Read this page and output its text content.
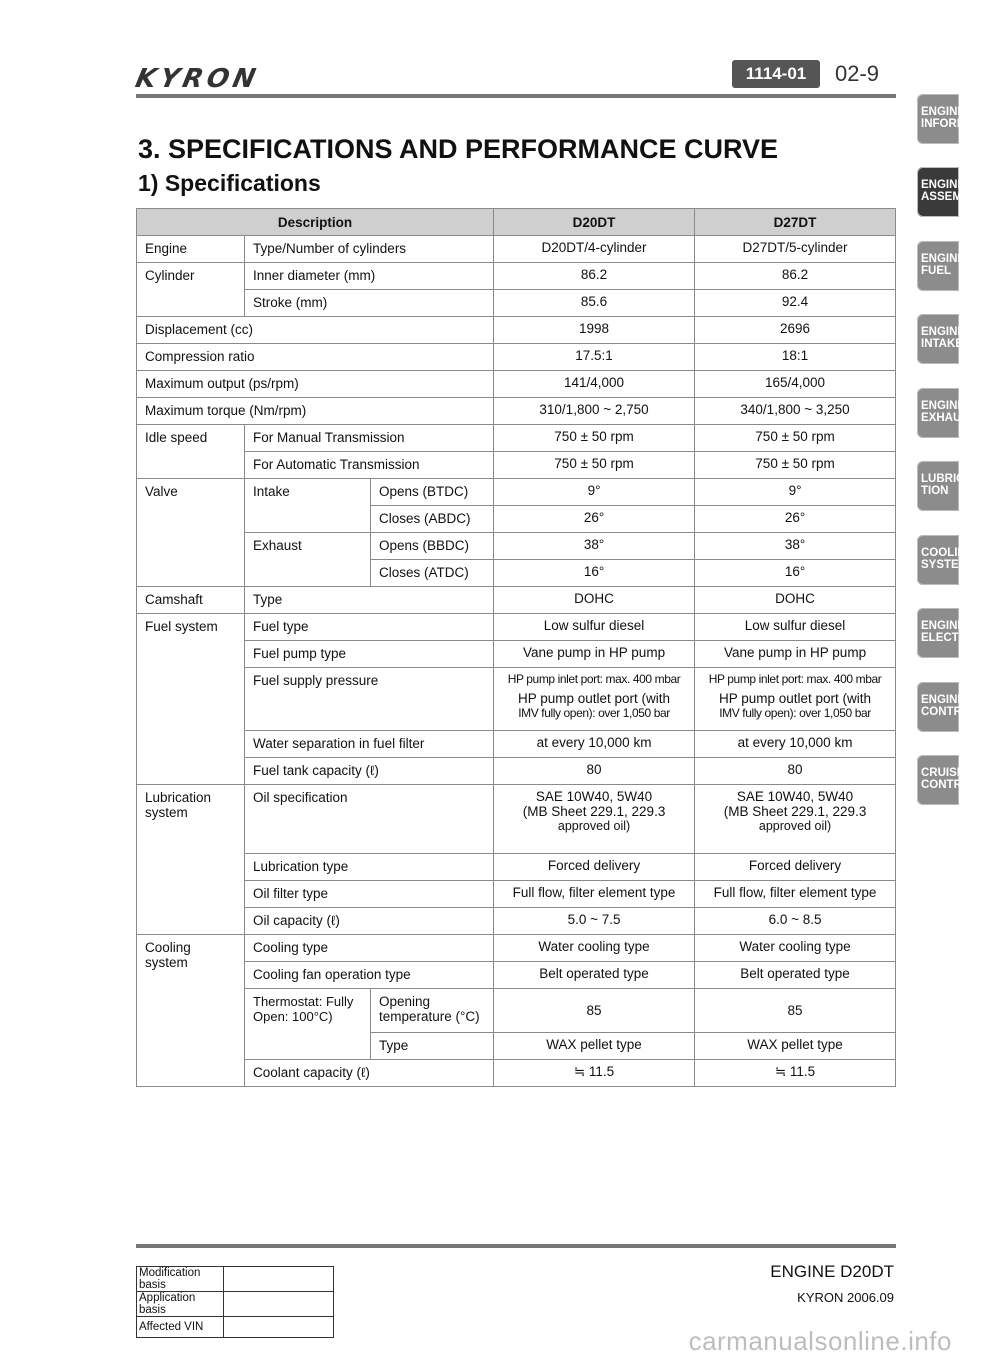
KYRON	1114-01	02-9
3. SPECIFICATIONS AND PERFORMANCE CURVE
1) Specifications
Description			D20DT	D27DT
Engine	Type/Number of cylinders		D20DT/4-cylinder	D27DT/5-cylinder
Cylinder	Inner diameter (mm)		86.2	86.2
	Stroke (mm)		85.6	92.4
Displacement (cc)			1998	2696
Compression ratio			17.5:1	18:1
Maximum output (ps/rpm)			141/4,000	165/4,000
Maximum torque (Nm/rpm)			310/1,800 ~ 2,750	340/1,800 ~ 3,250
Idle speed	For Manual Transmission		750 ± 50 rpm	750 ± 50 rpm
	For Automatic Transmission		750 ± 50 rpm	750 ± 50 rpm
Valve	Intake	Opens (BTDC)	9°	9°
		Closes (ABDC)	26°	26°
	Exhaust	Opens (BBDC)	38°	38°
		Closes (ATDC)	16°	16°
Camshaft	Type		DOHC	DOHC
Fuel system	Fuel type		Low sulfur diesel	Low sulfur diesel
	Fuel pump type		Vane pump in HP pump	Vane pump in HP pump
	Fuel supply pressure		HP pump inlet port: max. 400 mbar
HP pump outlet port (with
IMV fully open): over 1,050 bar	HP pump inlet port: max. 400 mbar
HP pump outlet port (with
IMV fully open): over 1,050 bar

	Water separation in fuel filter		at every 10,000 km	at every 10,000 km
	Fuel tank capacity (ℓ)		80	80

Lubrication
system	Oil specification		SAE 10W40, 5W40
(MB Sheet 229.1, 229.3
approved oil)	SAE 10W40, 5W40
(MB Sheet 229.1, 229.3
approved oil)

	Lubrication type		Forced delivery	Forced delivery
	Oil filter type		Full flow, filter element type	Full flow, filter element type
	Oil capacity (ℓ)		5.0 ~ 7.5	6.0 ~ 8.5

Cooling
system	Cooling type		Water cooling type	Water cooling type
	Cooling fan operation type		Belt operated type	Belt operated type

	Thermostat: Fully
Open: 100°C)	Opening
temperature (°C)	85	85
		Type	WAX pellet type	WAX pellet type
	Coolant capacity (ℓ)		≒ 11.5	≒ 11.5
ENGINE
INFORMA
ENGINE
ASSEMBL
ENGINE
FUEL
ENGINE
INTAKE
ENGINE
EXHAUST
LUBRICA
TION
COOLING
SYSTEM
ENGINE
ELECTRI
ENGINE
CONTRO
CRUISE
CONTRO
Modification basis	
Application basis	
Affected VIN	
ENGINE D20DT
KYRON 2006.09
carmanualsonline.info
